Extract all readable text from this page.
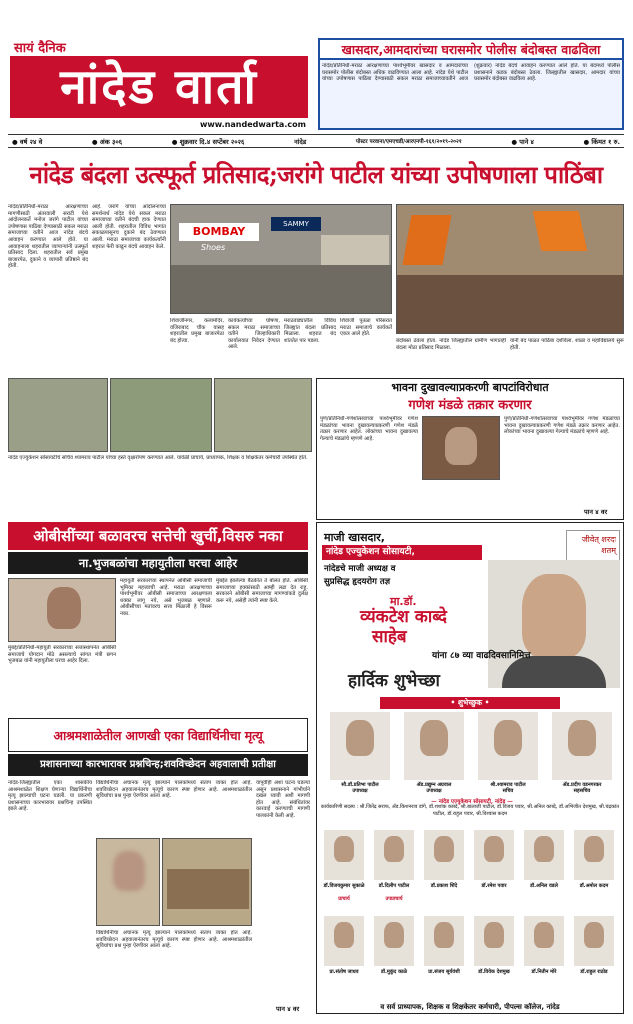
सायं दैनिक
नांदेड वार्ता
www.nandedwarta.com
खासदार,आमदारांच्या घरासमोर पोलीस बंदोबस्त वाढविला
नांदेड/प्रतिनिधी-मराठा आरक्षणाच्या पार्श्वभूमीवर खासदार व आमदारांच्या घरासमोर पोलीस बंदोबस्त अधिक वाढविण्यात आला आहे. नांदेड येथे पाटील यांच्या उपोषणास पाठिंबा देण्यासाठी सकल मराठा समाजाच्यावतीने आज (शुक्रवार) नांदेड बंदचे आवाहन करण्यात आले होते. या बंदमध्ये पोलीस प्रशासनाने कडक बंदोबस्त ठेवला. जिल्ह्यातील खासदार, आमदार यांच्या घरासमोर बंदोबस्त वाढविला आहे.
● वर्ष २४ वे	● अंक ३०६	● शुक्रवार दि.४ सप्टेंबर २०२६	नांदेड	पोस्टर परवाना/एमएचडी/आरएनपी-१६१/२०१९-२०२१	● पाने ४	● किंमत १ रु.
नांदेड बंदला उत्स्फूर्त प्रतिसाद;जरांगे पाटील यांच्या उपोषणाला पाठिंबा
नांदेड/प्रतिनिधी-मराठा आरक्षणाच्या मागणीसाठी अंतरवाली सराटी येथे आंदोलनकर्ते मनोज जरांगे पाटील यांच्या उपोषणास पाठिंबा देण्यासाठी सकल मराठा समाजाच्या वतीने आज नांदेड बंदचे आवाहन करण्यात आले होते. या आवाहनाला शहरातील व्यापाऱ्यांनी उत्स्फूर्त प्रतिसाद दिला. शहरातील सर्व प्रमुख बाजारपेठ, दुकाने व व्यापारी प्रतिष्ठाने बंद होती.
आहे. जरांगे यांच्या आंदोलनाच्या समर्थनार्थ नांदेड येथे सकल मराठा समाजाच्या वतीने बंदची हाक देण्यात आली होती. शहरातील विविध भागांत सकाळपासूनच दुकाने बंद ठेवण्यात आली. मराठा समाजाच्या कार्यकर्त्यांनी शहरात फेरी काढून बंदचे आवाहन केले.
BOMBAY
Shoes
SAMMY
शिवाजीनगर, कलामंदिर, वजिराबाद चौक यासह शहरातील प्रमुख बाजारपेठा बंद होत्या.
कार्यकर्त्यांच्या घोषणा, सकल मराठा समाजाच्या वतीने जिल्हाधिकारी कार्यालयात निवेदन देण्यात आले.
मराठवाड्यातील विविध जिल्ह्यांत बंदला प्रतिसाद मिळाला. शहरात बंद शांततेत पार पडला.
शिवाजी पुतळा परिसरात मराठा समाजाचे कार्यकर्ते एकत्र आले होते.
बंदोबस्त ठेवला होता. नांदेड जिल्ह्यातील ग्रामीण भागातही बंदला मोठा प्रतिसाद मिळाला.
यांनी बंद पाळत पाठिंबा दर्शविला. शाळा व महाविद्यालये सुरू होती.
नांदेड एज्युकेशन सोसायटीचे सचिव श्यामराव पाटील यांच्या हस्ते वृक्षारोपण करण्यात आले. यावेळी प्राचार्य, प्राध्यापक, शिक्षक व शिक्षकेतर कर्मचारी उपस्थित होते.
भावना दुखावल्याप्रकरणी बापटांविरोधात
गणेश मंडळे तक्रार करणार
पुणे/प्रतिनिधी-गणेशोत्सवाच्या पार्श्वभूमीवर गणेश मंडळांच्या भावना दुखावल्याप्रकरणी गणेश मंडळे तक्रार करणार आहेत. लोकांच्या भावना दुखावल्या गेल्याचे मंडळांचे म्हणणे आहे.
पुणे/प्रतिनिधी-गणेशोत्सवाच्या पार्श्वभूमीवर गणेश मंडळांच्या भावना दुखावल्याप्रकरणी गणेश मंडळे तक्रार करणार आहेत. लोकांच्या भावना दुखावल्या गेल्याचे मंडळांचे म्हणणे आहे.
पान ४ वर
ओबीसींच्या बळावरच सत्तेची खुर्ची,विसरु नका
ना.भुजबळांचा महायुतीला घरचा आहेर
मुंबई/प्रतिनिधी-महायुती सरकारच्या सत्तास्थापनेत ओबीसी समाजाचे योगदान मोठे असल्याचे सांगत मंत्री छगन भुजबळ यांनी महायुतीला घरचा आहेर दिला.
महायुती सरकारच्या स्थापनेत ओबीसी समाजाची भूमिका महत्त्वाची आहे. मराठा आरक्षणाच्या पार्श्वभूमीवर ओबीसी समाजाच्या आरक्षणाला धक्का लागू नये, असे भुजबळ म्हणाले. ओबीसींच्या मतांवरच सत्ता मिळाली हे विसरू नका.
मुंबईत झालेल्या बैठकीत ते बोलत होते. ओबीसी समाजाच्या हक्कांसाठी आम्ही लढा देत राहू. सरकारने ओबीसी समाजाच्या मागण्यांकडे दुर्लक्ष करू नये, असेही त्यांनी स्पष्ट केले.
माजी खासदार,
नांदेड एज्युकेशन सोसायटी,
नांदेडचे माजी अध्यक्ष व
सुप्रसिद्ध हृदयरोग तज्ञ
जीवेत् शरदः शतम्
मा.डॉ.
व्यंकटेश काब्दे
साहेब
यांना ८७ व्या वाढदिवसानिमित्त
हार्दिक शुभेच्छा
• शुभेच्छुक •
सौ.डॉ.प्रतिभा पाटील
उपाध्यक्ष
ॲड.प्रद्युम्न अग्रवाल
उपाध्यक्ष
श्री.श्यामराव पाटील
सचिव
ॲड.प्रदीप वडनगरकर
सहसचिव
— नांदेड एज्युकेशन सोसायटी, नांदेड —
कार्यकारिणी सदस्य : श्री.जितेंद्र सराफ, ॲड.किशनराव डांगे, डॉ.शशांक काब्दे, श्री.बालाजी पाटील, डॉ.विजय पवार, श्री.अनिल काब्दे, डॉ.अभिजीत देशमुख, श्री.चंद्रकांत पाटील, डॉ.राहुल पवार, श्री.विश्वास कदम
डॉ.विजयकुमार सुकाळे
प्राचार्य
डॉ.दिलीप पाटील
उपप्राचार्य
डॉ.प्रकाश शिंदे	डॉ.रमेश पवार	डॉ.अनिल वडले	डॉ.अमोल कदम
प्रा.संतोष जाधव	डॉ.मुकुंद काळे	प्रा.संजय सूर्यवंशी	डॉ.विवेक देशमुख	डॉ.नितीन मोरे	डॉ.राहुल राठोड
व सर्व प्राध्यापक, शिक्षक व शिक्षकेतर कर्मचारी, पीपल्स कॉलेज, नांदेड
आश्रमशाळेतील आणखी एका विद्यार्थिनीचा मृत्यू
प्रशासनाच्या कारभारावर प्रश्नचिन्ह;शवविच्छेदन अहवालाची प्रतीक्षा
नांदेड-जिल्ह्यातील एका शासकीय आश्रमशाळेत शिक्षण घेणाऱ्या विद्यार्थिनीचा मृत्यू झाल्याची घटना घडली. या प्रकरणी प्रशासनाच्या कारभारावर प्रश्नचिन्ह उपस्थित झाले आहे.
विद्यार्थिनीचा अचानक मृत्यू झाल्याने पालकांमध्ये संताप व्यक्त होत आहे. शवविच्छेदन अहवालानंतरच मृत्यूचे कारण स्पष्ट होणार आहे. आश्रमशाळांतील सुविधांचा प्रश्न पुन्हा ऐरणीवर आला आहे.
विद्यार्थिनीचा अचानक मृत्यू झाल्याने पालकांमध्ये संताप व्यक्त होत आहे. शवविच्छेदन अहवालानंतरच मृत्यूचे कारण स्पष्ट होणार आहे. आश्रमशाळांतील सुविधांचा प्रश्न पुन्हा ऐरणीवर आला आहे.
यापूर्वीही अशा घटना घडल्या असून प्रशासनाने गांभीर्याने दखल घ्यावी अशी मागणी होत आहे. संबंधितांवर कारवाई करण्याची मागणी पालकांनी केली आहे.
पान ४ वर
